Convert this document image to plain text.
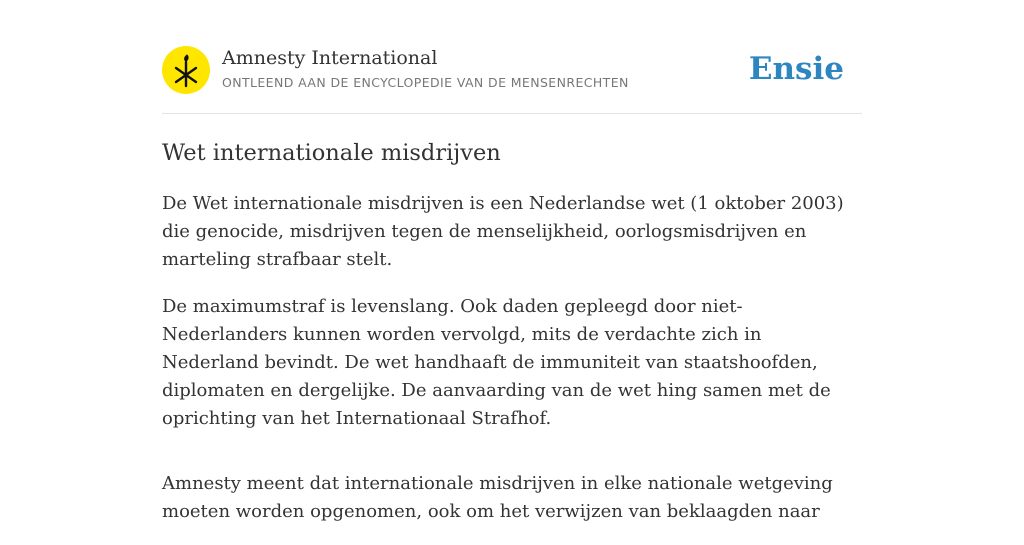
Amnesty International
ONTLEEND AAN DE ENCYCLOPEDIE VAN DE MENSENRECHTEN	Ensie
Wet internationale misdrijven

De Wet internationale misdrijven is een Nederlandse wet (1 oktober 2003) die genocide, misdrijven tegen de menselijkheid, oorlogsmisdrijven en marteling strafbaar stelt.

De maximumstraf is levenslang. Ook daden gepleegd door niet-Nederlanders kunnen worden vervolgd, mits de verdachte zich in Nederland bevindt. De wet handhaaft de immuniteit van staatshoofden, diplomaten en dergelijke. De aanvaarding van de wet hing samen met de oprichting van het Internationaal Strafhof.

Amnesty meent dat internationale misdrijven in elke nationale wetgeving moeten worden opgenomen, ook om het verwijzen van beklaagden naar
